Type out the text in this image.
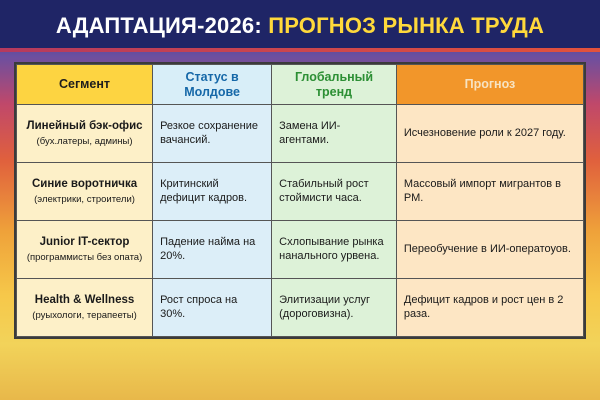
АДАПТАЦИЯ-2026: ПРОГНОЗ РЫНКА ТРУДА
Сегмент	Статус в Молдове	Глобальный тренд	Прогноз

Линейный бэк-офис
(бух.латеры, админы)	Резкое сохранение вачансий.	Замена ИИ-агентами.	Исчезновение роли к 2027 году.

Синие воротничка
(электрики, строители)	Критинский дефицит кадров.	Стабильный рост стоймисти часа.	Массовый импорт мигрантов в РМ.

Junior IT-сектор
(программисты без опата)	Падение найма на 20%.	Схлопывание рынка нанального урвена.	Переобучение в ИИ-оператоуов.

Health & Wellness
(руыхологи, терапееты)	Рост спроса на 30%.	Элитизации услуг (дороговизна).	Дефицит кадров и рост цен в 2 раза.
